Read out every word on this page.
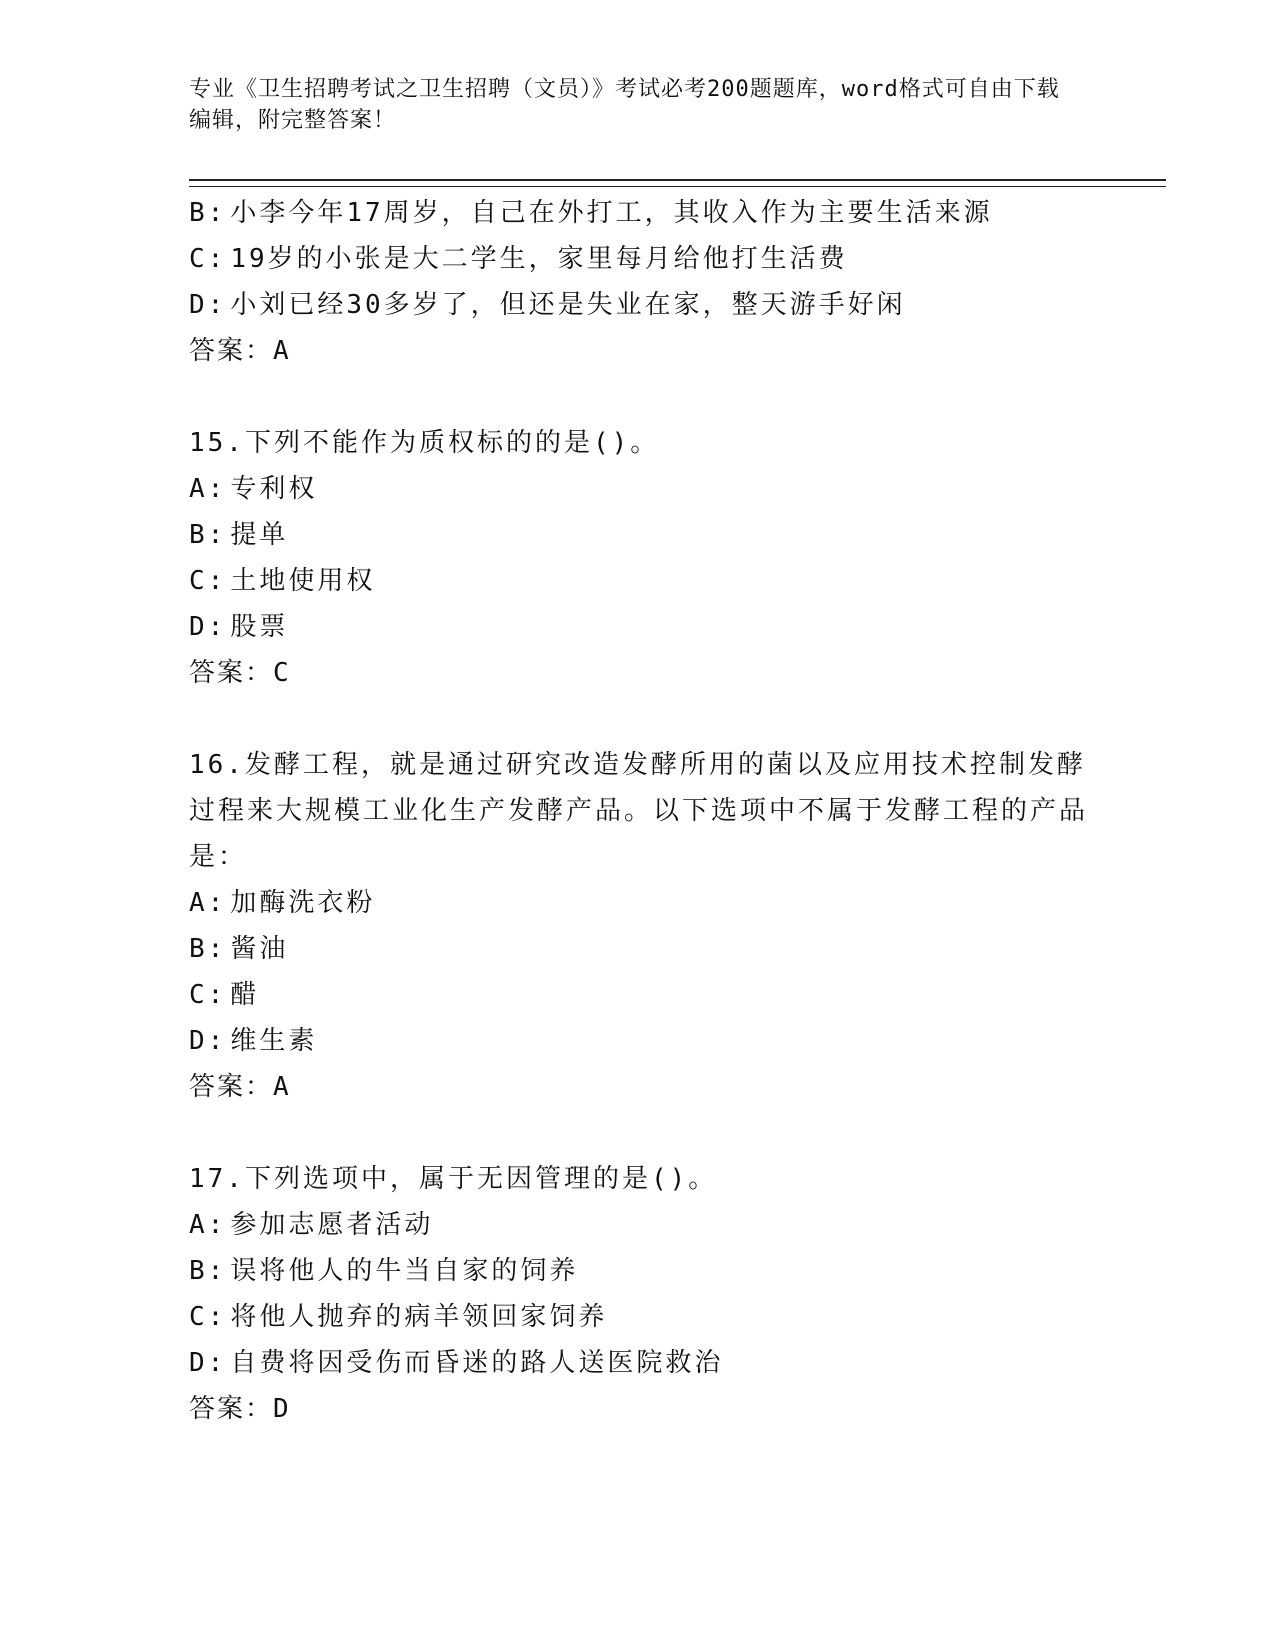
专业《卫生招聘考试之卫生招聘（文员）》考试必考200题题库，word格式可自由下载编辑，附完整答案！
B: 小李今年17周岁，自己在外打工，其收入作为主要生活来源
C: 19岁的小张是大二学生，家里每月给他打生活费
D: 小刘已经30多岁了，但还是失业在家，整天游手好闲
答案：A
15.下列不能作为质权标的的是()。
A: 专利权
B: 提单
C: 土地使用权
D: 股票
答案：C
16.发酵工程，就是通过研究改造发酵所用的菌以及应用技术控制发酵过程来大规模工业化生产发酵产品。以下选项中不属于发酵工程的产品是：
A: 加酶洗衣粉
B: 酱油
C: 醋
D: 维生素
答案：A
17.下列选项中，属于无因管理的是()。
A: 参加志愿者活动
B: 误将他人的牛当自家的饲养
C: 将他人抛弃的病羊领回家饲养
D: 自费将因受伤而昏迷的路人送医院救治
答案：D
